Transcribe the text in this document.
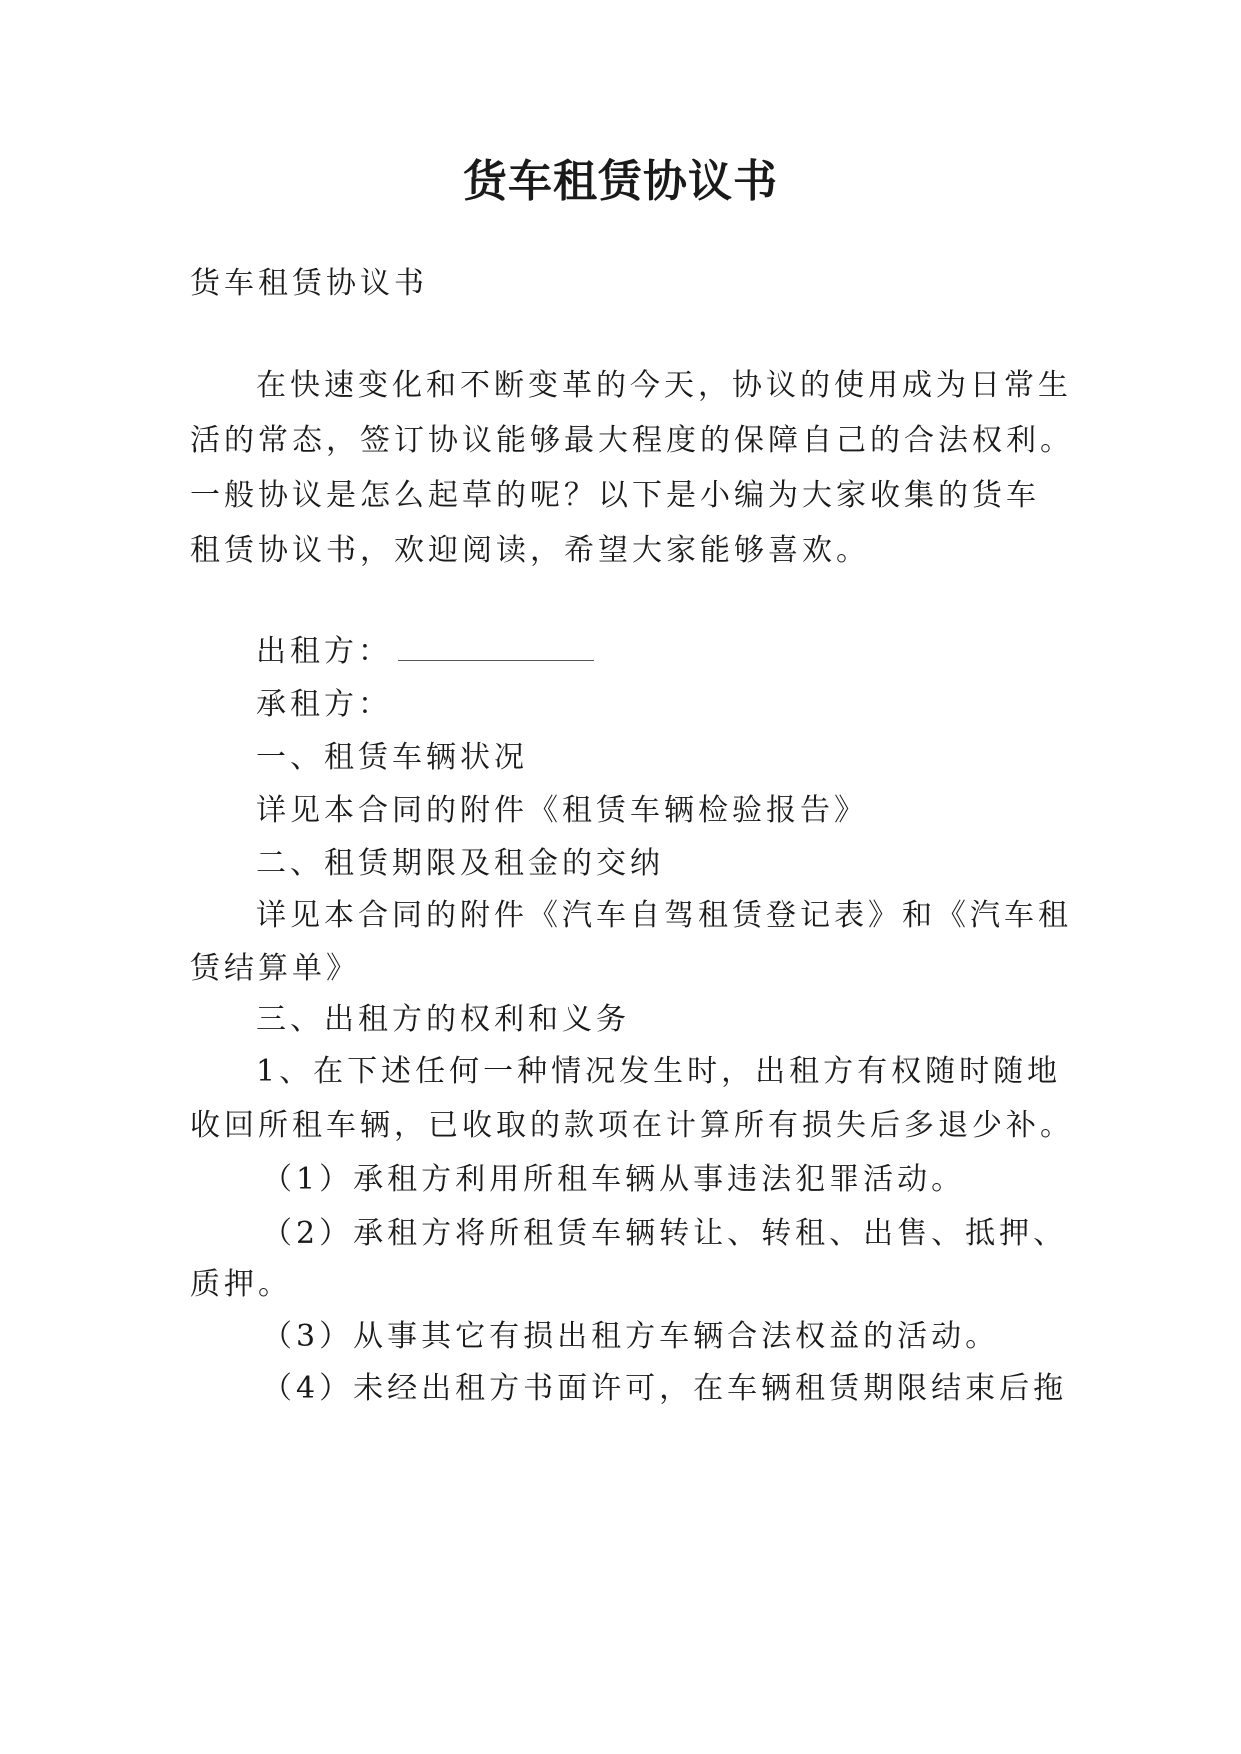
货车租赁协议书
货车租赁协议书
在快速变化和不断变革的今天，协议的使用成为日常生
活的常态，签订协议能够最大程度的保障自己的合法权利。
一般协议是怎么起草的呢？以下是小编为大家收集的货车
租赁协议书，欢迎阅读，希望大家能够喜欢。
出租方：
承租方：
一、租赁车辆状况
详见本合同的附件《租赁车辆检验报告》
二、租赁期限及租金的交纳
详见本合同的附件《汽车自驾租赁登记表》和《汽车租
赁结算单》
三、出租方的权利和义务
1、在下述任何一种情况发生时，出租方有权随时随地
收回所租车辆，已收取的款项在计算所有损失后多退少补。
（1）承租方利用所租车辆从事违法犯罪活动。
（2）承租方将所租赁车辆转让、转租、出售、抵押、
质押。
（3）从事其它有损出租方车辆合法权益的活动。
（4）未经出租方书面许可，在车辆租赁期限结束后拖
